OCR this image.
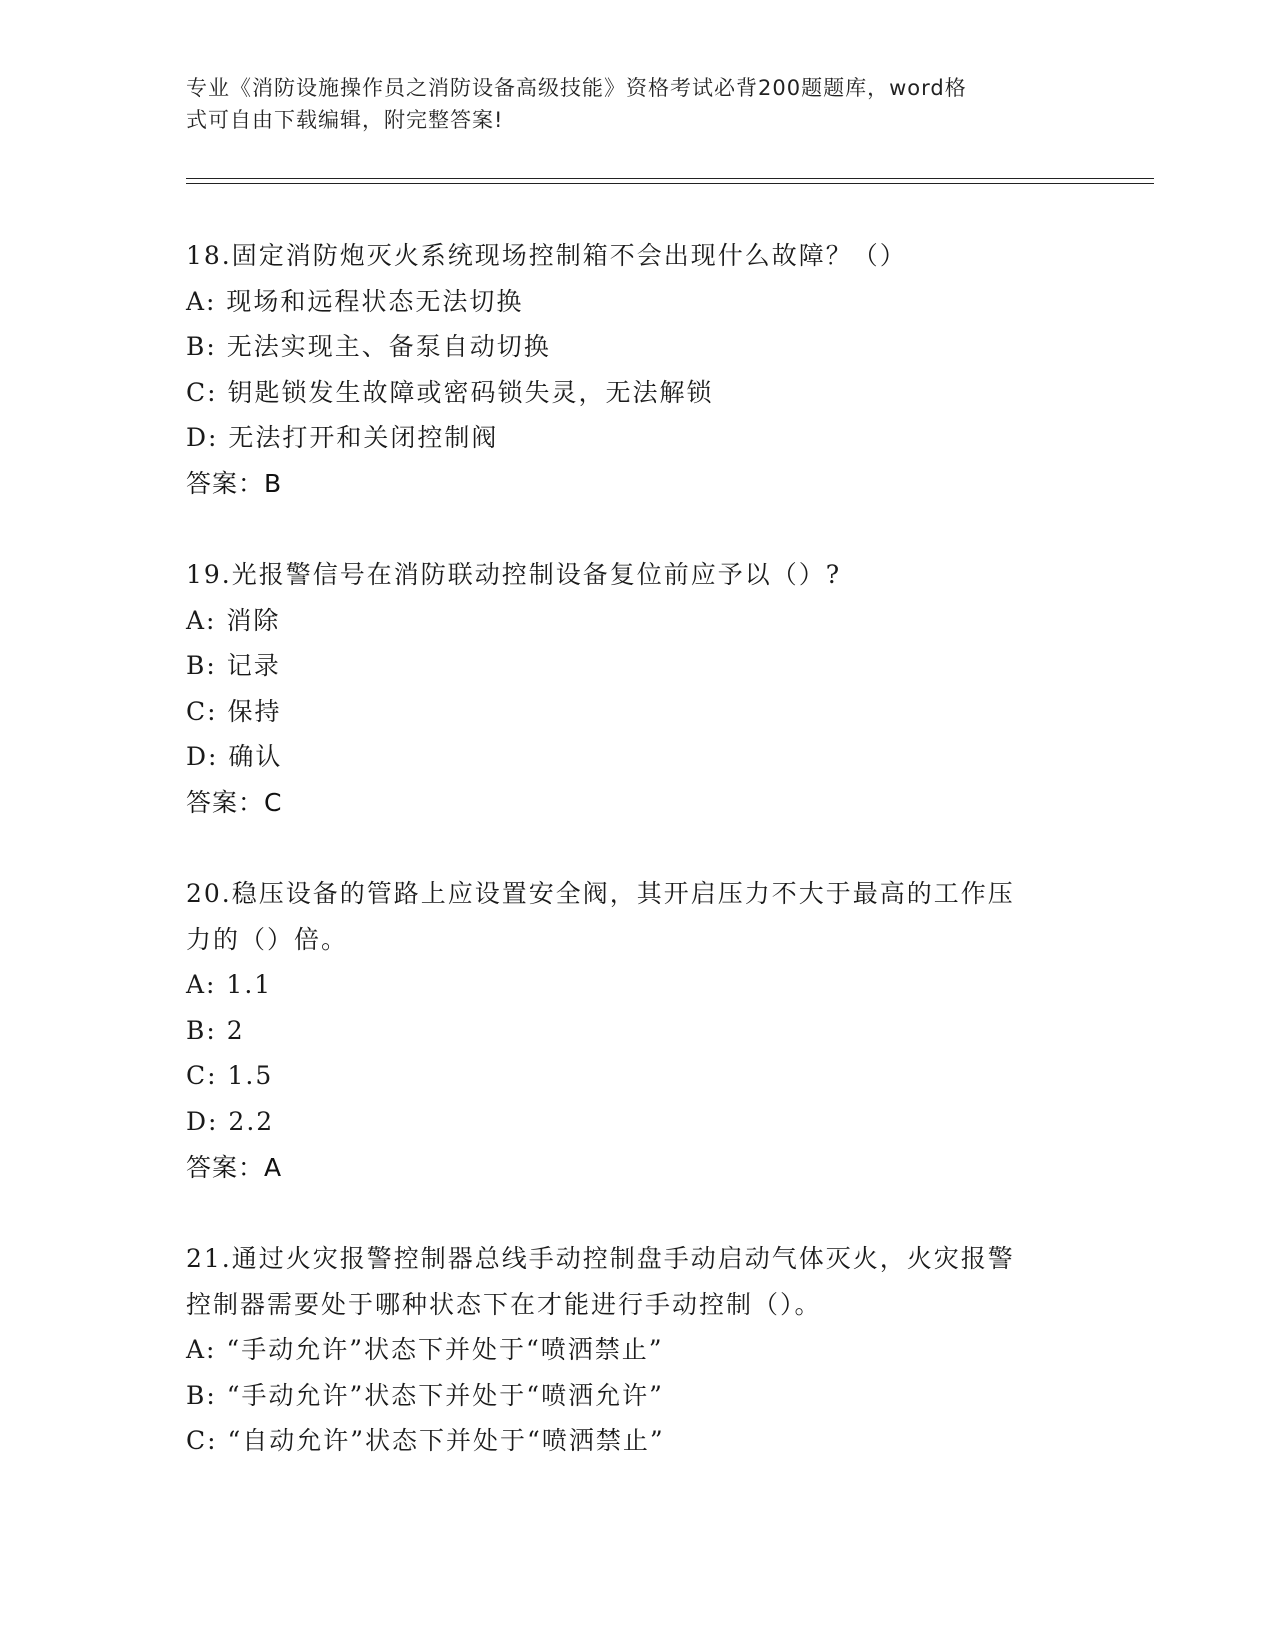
专业《消防设施操作员之消防设备高级技能》资格考试必背200题题库，word格
式可自由下载编辑，附完整答案!
18.固定消防炮灭火系统现场控制箱不会出现什么故障？（）
A: 现场和远程状态无法切换
B: 无法实现主、备泵自动切换
C: 钥匙锁发生故障或密码锁失灵，无法解锁
D: 无法打开和关闭控制阀
答案：B
19.光报警信号在消防联动控制设备复位前应予以（）?
A: 消除
B: 记录
C: 保持
D: 确认
答案：C
20.稳压设备的管路上应设置安全阀，其开启压力不大于最高的工作压
力的（）倍。
A: 1.1
B: 2
C: 1.5
D: 2.2
答案：A
21.通过火灾报警控制器总线手动控制盘手动启动气体灭火，火灾报警
控制器需要处于哪种状态下在才能进行手动控制（）。
A: “手动允许”状态下并处于“喷洒禁止”
B: “手动允许”状态下并处于“喷洒允许”
C: “自动允许”状态下并处于“喷洒禁止”
